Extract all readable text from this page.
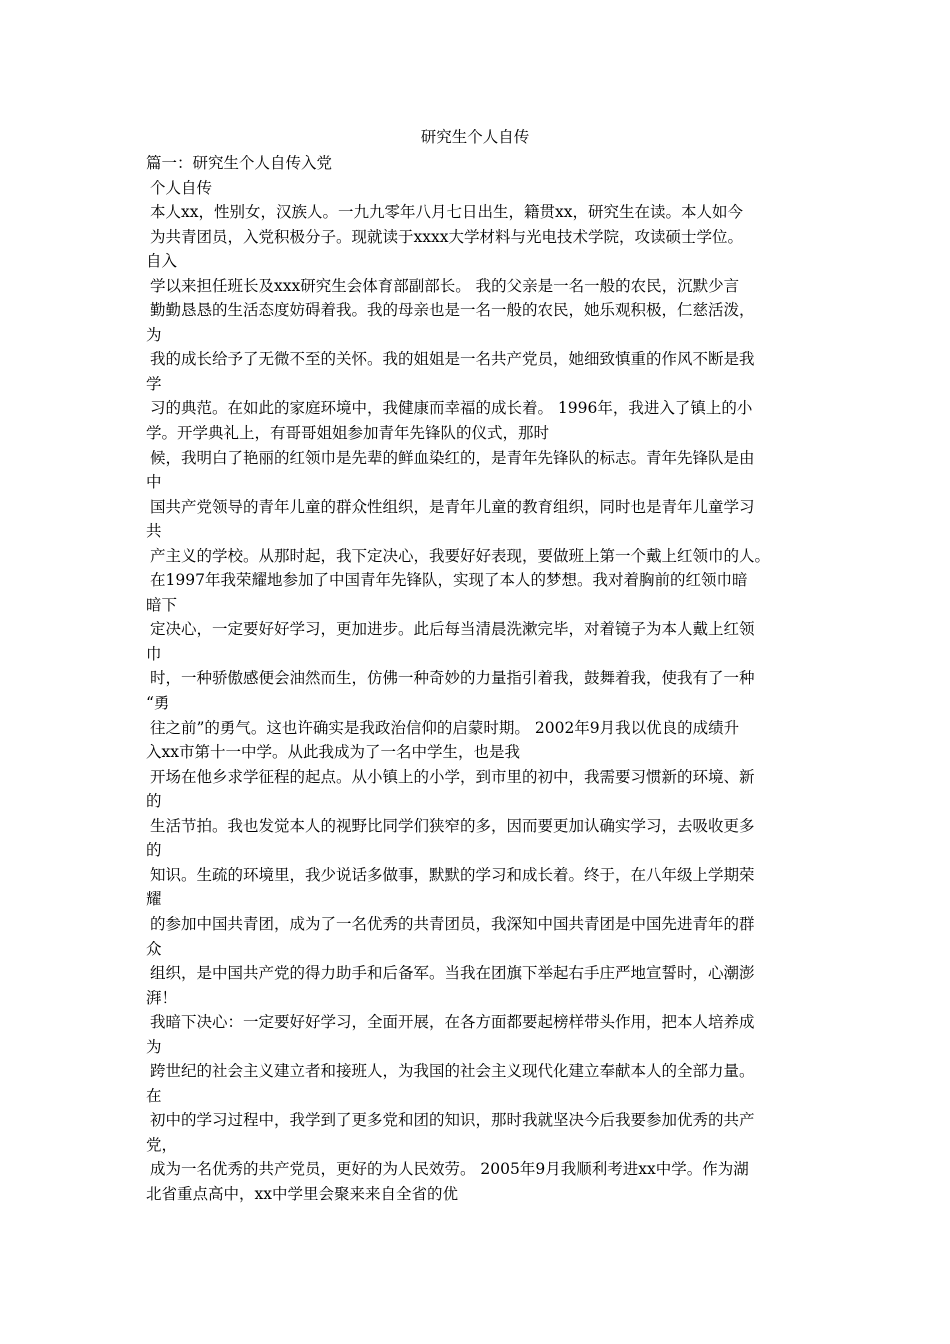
研究生个人自传
篇一：研究生个人自传入党
个人自传
本人xx，性别女，汉族人。一九九零年八月七日出生，籍贯xx，研究生在读。本人如今
为共青团员，入党积极分子。现就读于xxxx大学材料与光电技术学院，攻读硕士学位。
自入
学以来担任班长及xxx研究生会体育部副部长。 我的父亲是一名一般的农民，沉默少言
勤勤恳恳的生活态度妨碍着我。我的母亲也是一名一般的农民，她乐观积极，仁慈活泼，
为
我的成长给予了无微不至的关怀。我的姐姐是一名共产党员，她细致慎重的作风不断是我
学
习的典范。在如此的家庭环境中，我健康而幸福的成长着。 1996年，我进入了镇上的小
学。开学典礼上，有哥哥姐姐参加青年先锋队的仪式，那时
候，我明白了艳丽的红领巾是先辈的鲜血染红的，是青年先锋队的标志。青年先锋队是由
中
国共产党领导的青年儿童的群众性组织，是青年儿童的教育组织，同时也是青年儿童学习
共
产主义的学校。从那时起，我下定决心，我要好好表现，要做班上第一个戴上红领巾的人。
在1997年我荣耀地参加了中国青年先锋队，实现了本人的梦想。我对着胸前的红领巾暗
暗下
定决心，一定要好好学习，更加进步。此后每当清晨洗漱完毕，对着镜子为本人戴上红领
巾
时，一种骄傲感便会油然而生，仿佛一种奇妙的力量指引着我，鼓舞着我，使我有了一种
“勇
往之前”的勇气。这也许确实是我政治信仰的启蒙时期。 2002年9月我以优良的成绩升
入xx市第十一中学。从此我成为了一名中学生，也是我
开场在他乡求学征程的起点。从小镇上的小学，到市里的初中，我需要习惯新的环境、新
的
生活节拍。我也发觉本人的视野比同学们狭窄的多，因而要更加认确实学习，去吸收更多
的
知识。生疏的环境里，我少说话多做事，默默的学习和成长着。终于，在八年级上学期荣
耀
的参加中国共青团，成为了一名优秀的共青团员，我深知中国共青团是中国先进青年的群
众
组织，是中国共产党的得力助手和后备军。当我在团旗下举起右手庄严地宣誓时，心潮澎
湃！
我暗下决心：一定要好好学习，全面开展，在各方面都要起榜样带头作用，把本人培养成
为
跨世纪的社会主义建立者和接班人，为我国的社会主义现代化建立奉献本人的全部力量。
在
初中的学习过程中，我学到了更多党和团的知识，那时我就坚决今后我要参加优秀的共产
党，
成为一名优秀的共产党员，更好的为人民效劳。 2005年9月我顺利考进xx中学。作为湖
北省重点高中，xx中学里会聚来来自全省的优
